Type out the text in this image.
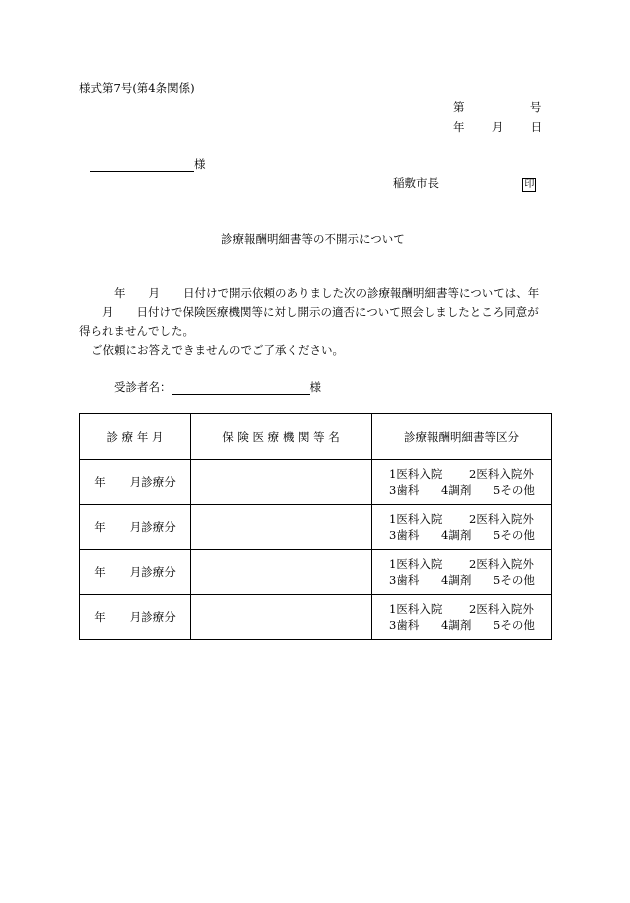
様式第7号(第4条関係)
第	号
年 月 日
様
稲敷市長	印
診療報酬明細書等の不開示について
年 月 日付けで開示依頼のありました次の診療報酬明細書等については、年
月 日付けで保険医療機関等に対し開示の適否について照会しましたところ同意が
得られませんでした。
ご依頼にお答えできませんのでご了承ください。
受診者名：	様
診 療 年 月	保 険 医 療 機 関 等 名	診療報酬明細書等区分
年 月診療分		1医科入院 2医科入院外
3歯科 4調剤 5その他
年 月診療分		1医科入院 2医科入院外
3歯科 4調剤 5その他
年 月診療分		1医科入院 2医科入院外
3歯科 4調剤 5その他
年 月診療分		1医科入院 2医科入院外
3歯科 4調剤 5その他
